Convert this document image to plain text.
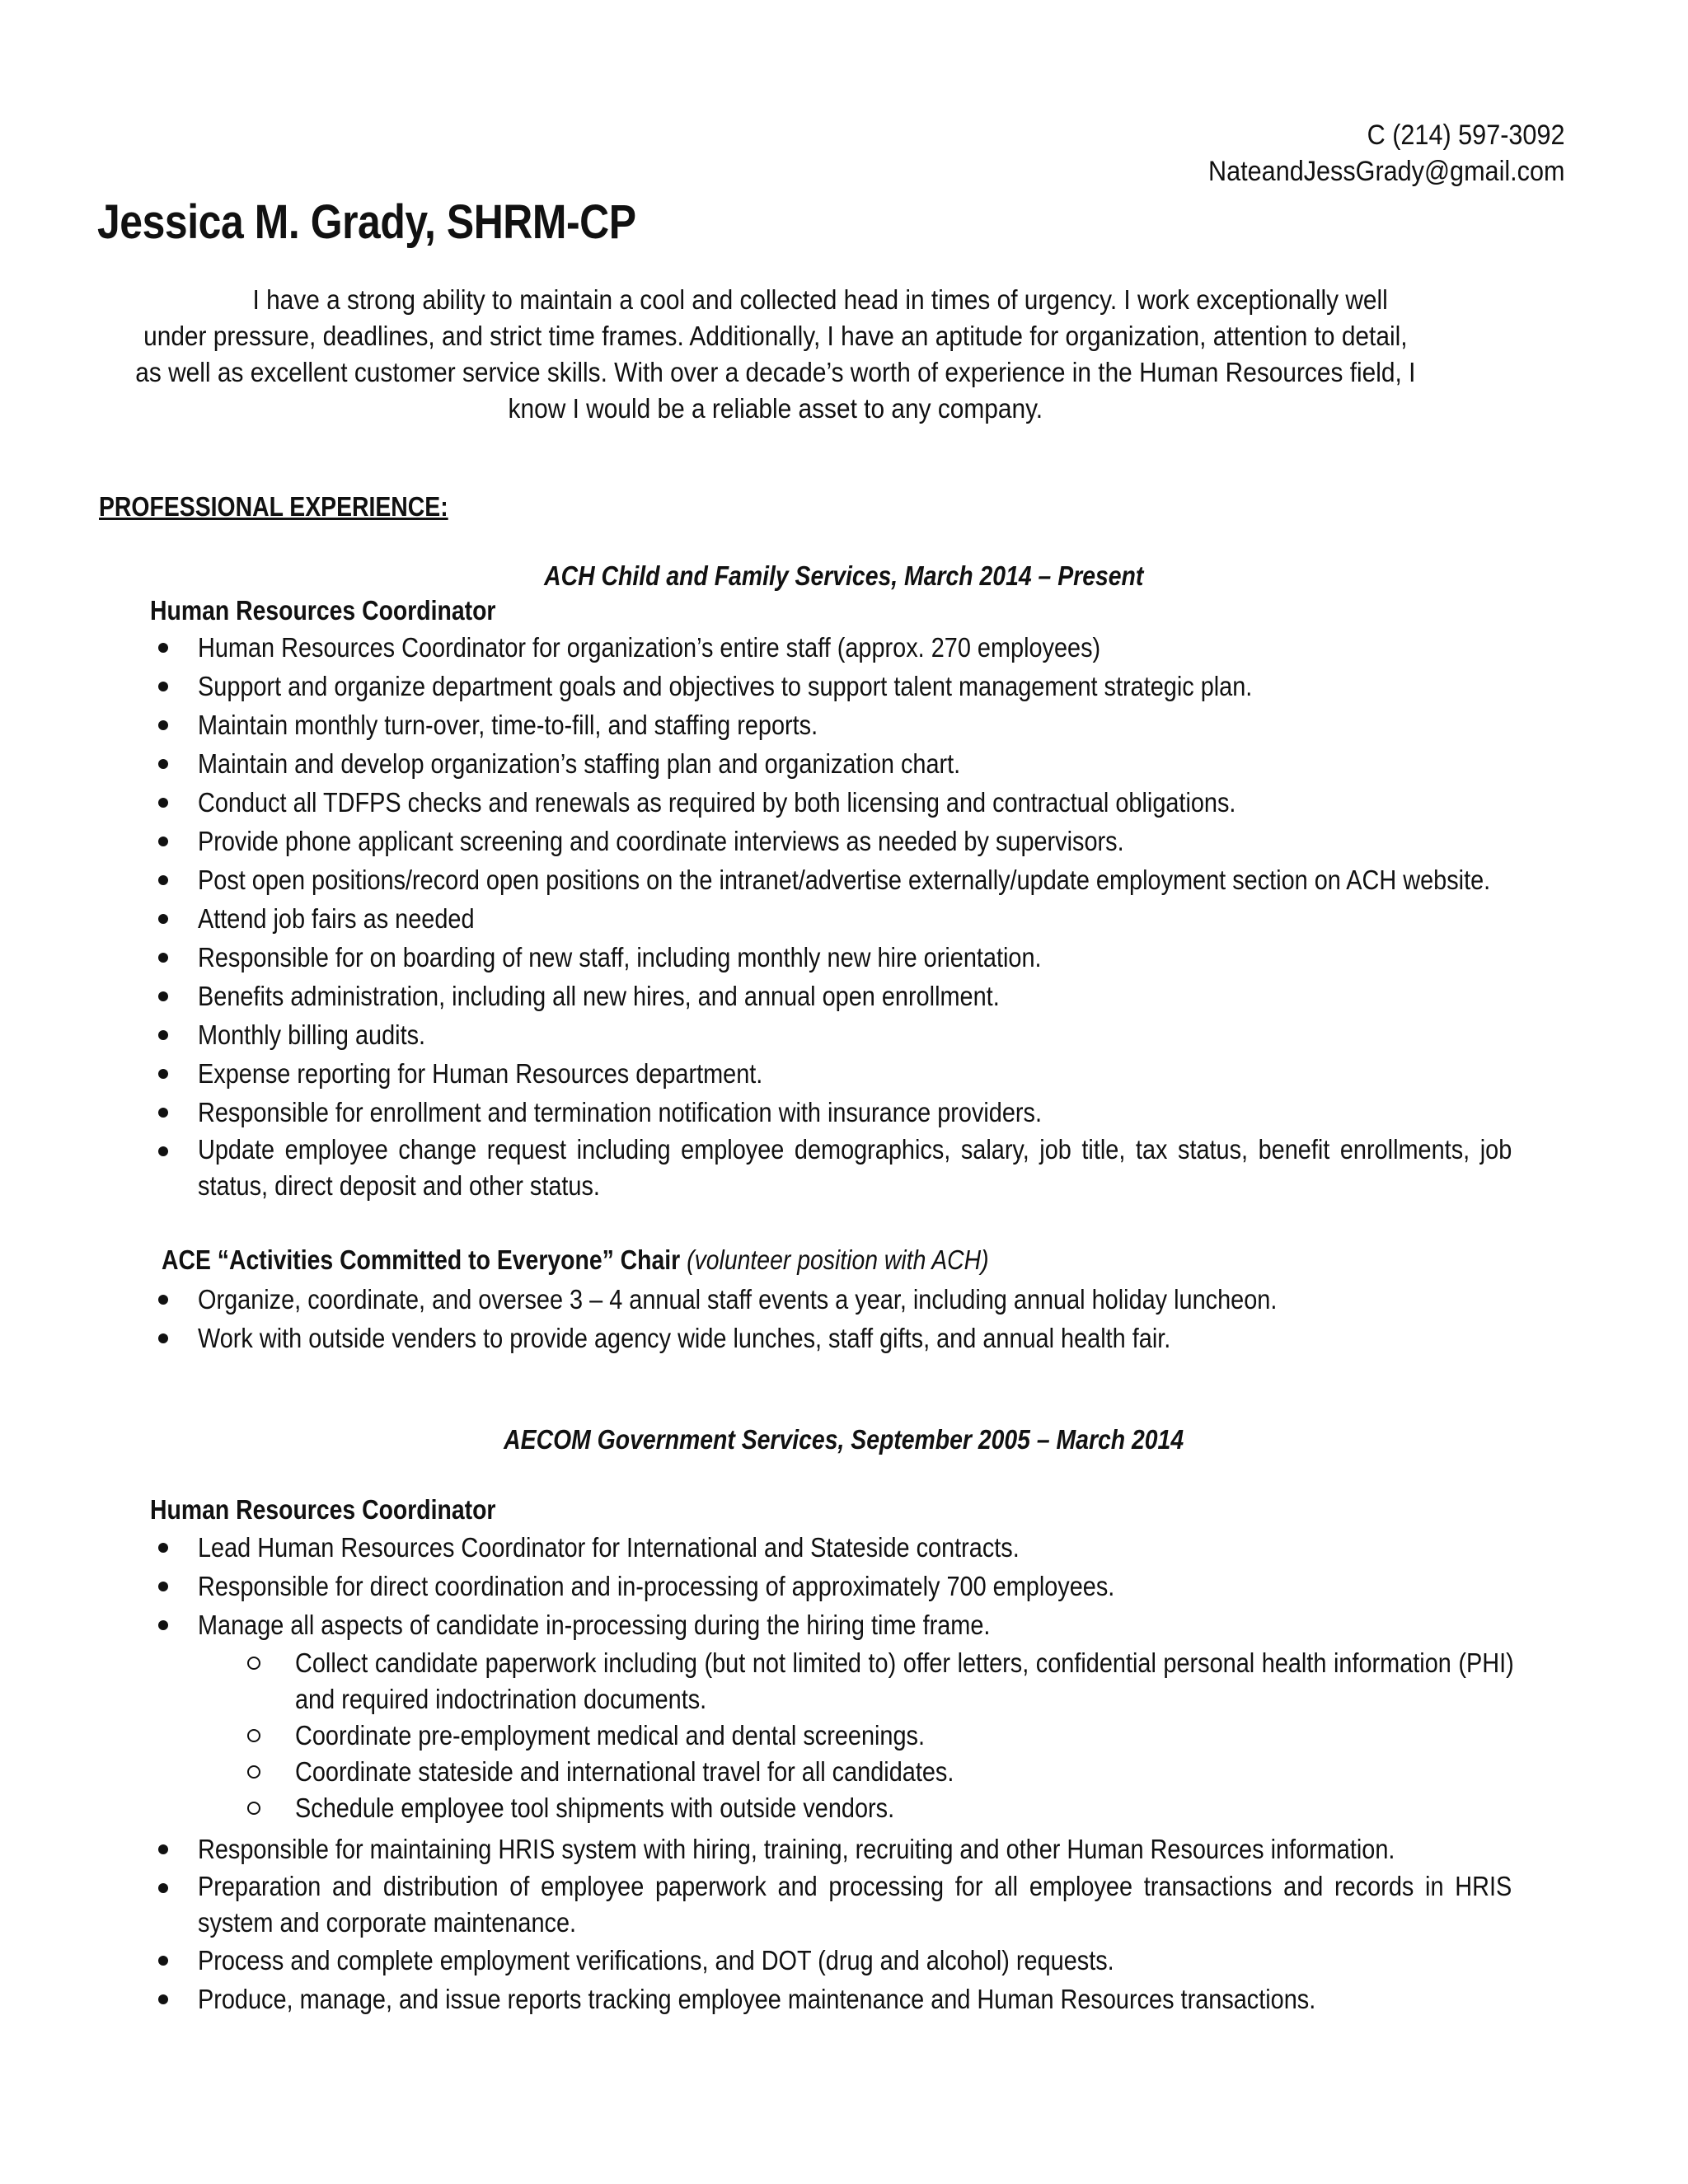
C (214) 597-3092
NateandJessGrady@gmail.com
Jessica M. Grady, SHRM-CP

I have a strong ability to maintain a cool and collected head in times of urgency. I work exceptionally well under pressure, deadlines, and strict time frames. Additionally, I have an aptitude for organization, attention to detail, as well as excellent customer service skills. With over a decade’s worth of experience in the Human Resources field, I know I would be a reliable asset to any company.

PROFESSIONAL EXPERIENCE:
ACH Child and Family Services, March 2014 – Present
Human Resources Coordinator
Human Resources Coordinator for organization’s entire staff (approx. 270 employees)
Support and organize department goals and objectives to support talent management strategic plan.
Maintain monthly turn-over, time-to-fill, and staffing reports.
Maintain and develop organization’s staffing plan and organization chart.
Conduct all TDFPS checks and renewals as required by both licensing and contractual obligations.
Provide phone applicant screening and coordinate interviews as needed by supervisors.
Post open positions/record open positions on the intranet/advertise externally/update employment section on ACH website.
Attend job fairs as needed
Responsible for on boarding of new staff, including monthly new hire orientation.
Benefits administration, including all new hires, and annual open enrollment.
Monthly billing audits.
Expense reporting for Human Resources department.
Responsible for enrollment and termination notification with insurance providers.
Update employee change request including employee demographics, salary, job title, tax status, benefit enrollments, job status, direct deposit and other status.
ACE “Activities Committed to Everyone” Chair (volunteer position with ACH)
Organize, coordinate, and oversee 3 – 4 annual staff events a year, including annual holiday luncheon.
Work with outside venders to provide agency wide lunches, staff gifts, and annual health fair.
AECOM Government Services, September 2005 – March 2014
Human Resources Coordinator
Lead Human Resources Coordinator for International and Stateside contracts.
Responsible for direct coordination and in-processing of approximately 700 employees.
Manage all aspects of candidate in-processing during the hiring time frame.
Collect candidate paperwork including (but not limited to) offer letters, confidential personal health information (PHI) and required indoctrination documents.
Coordinate pre-employment medical and dental screenings.
Coordinate stateside and international travel for all candidates.
Schedule employee tool shipments with outside vendors.
Responsible for maintaining HRIS system with hiring, training, recruiting and other Human Resources information.
Preparation and distribution of employee paperwork and processing for all employee transactions and records in HRIS system and corporate maintenance.
Process and complete employment verifications, and DOT (drug and alcohol) requests.
Produce, manage, and issue reports tracking employee maintenance and Human Resources transactions.
